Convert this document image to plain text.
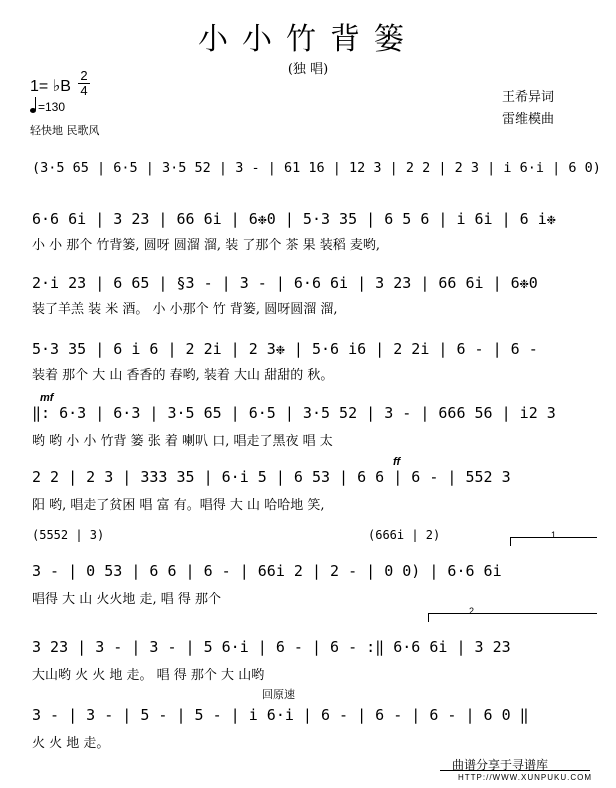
小小竹背篓
(独 唱)
1= ♭B
2
4
=130
轻快地 民歌风
王希异词
雷维模曲
(3·5 65 | 6·5 | 3·5 52 | 3 - | 61 16 | 12 3 | 2 2 | 2 3 | i 6·i | 6 0)
6·6 6i | 3 23 | 66 6i | 6❉0 | 5·3 35 | 6 5 6 | i 6i | 6 i❉
小 小 那个 竹背篓, 圆呀 圆溜 溜, 装 了那个 茶 果 装稻 麦哟,
2·i 23 | 6 65 | §3 - | 3 - | 6·6 6i | 3 23 | 66 6i | 6❉0
装了羊羔 装 米 酒。 小 小那个 竹 背篓, 圆呀圆溜 溜,
5·3 35 | 6 i 6 | 2 2i | 2 3❉ | 5·6 i6 | 2 2i | 6 - | 6 -
装着 那个 大 山 香香的 春哟, 装着 大山 甜甜的 秋。
mf
‖: 6·3 | 6·3 | 3·5 65 | 6·5 | 3·5 52 | 3 - | 666 56 | i2 3
哟 哟 小 小 竹背 篓 张 着 喇叭 口, 唱走了黑夜 唱 太
ff
2 2 | 2 3 | 333 35 | 6·i 5 | 6 53 | 6 6 | 6 - | 552 3
阳 哟, 唱走了贫困 唱 富 有。唱得 大 山 哈哈地 笑,
(5552 | 3)	(666i | 2)	1
3 - | 0 53 | 6 6 | 6 - | 66i 2 | 2 - | 0 0) | 6·6 6i
唱得 大 山 火火地 走, 唱 得 那个
2
3 23 | 3 - | 3 - | 5 6·i | 6 - | 6 - :‖ 6·6 6i | 3 23
大山哟 火 火 地 走。 唱 得 那个 大 山哟
回原速
3 - | 3 - | 5 - | 5 - | i 6·i | 6 - | 6 - | 6 - | 6 0 ‖
火 火 地 走。
曲谱分享于寻谱库
HTTP://WWW.XUNPUKU.COM
